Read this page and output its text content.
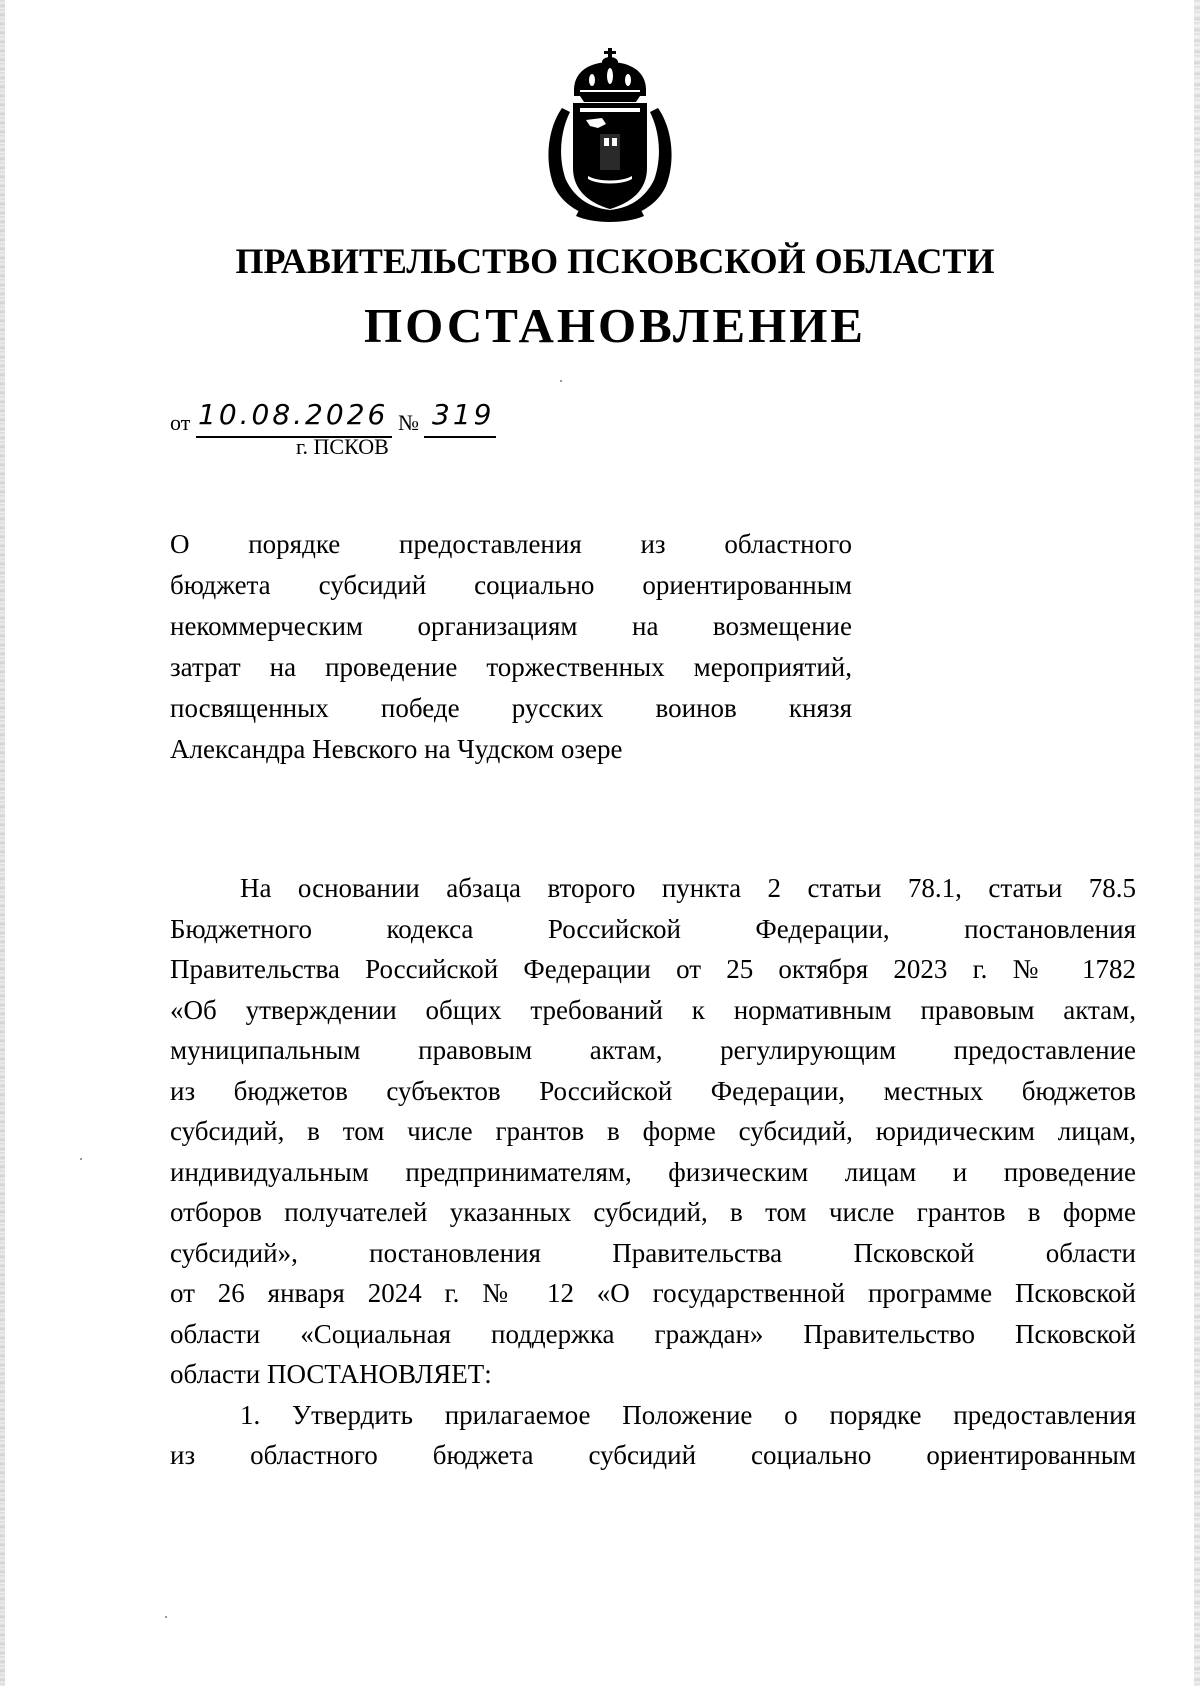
ПРАВИТЕЛЬСТВО ПСКОВСКОЙ ОБЛАСТИ
ПОСТАНОВЛЕНИЕ
от 10.08.2026 № 319
г. ПСКОВ
О порядке предоставления из областного
бюджета субсидий социально ориентированным
некоммерческим организациям на возмещение
затрат на проведение торжественных мероприятий,
посвященных победе русских воинов князя
Александра Невского на Чудском озере
На основании абзаца второго пункта 2 статьи 78.1, статьи 78.5
Бюджетного кодекса Российской Федерации, постановления
Правительства Российской Федерации от 25 октября 2023 г. № 1782
«Об утверждении общих требований к нормативным правовым актам,
муниципальным правовым актам, регулирующим предоставление
из бюджетов субъектов Российской Федерации, местных бюджетов
субсидий, в том числе грантов в форме субсидий, юридическим лицам,
индивидуальным предпринимателям, физическим лицам и проведение
отборов получателей указанных субсидий, в том числе грантов в форме
субсидий», постановления Правительства Псковской области
от 26 января 2024 г. № 12 «О государственной программе Псковской
области «Социальная поддержка граждан» Правительство Псковской
области ПОСТАНОВЛЯЕТ:
1. Утвердить прилагаемое Положение о порядке предоставления
из областного бюджета субсидий социально ориентированным
